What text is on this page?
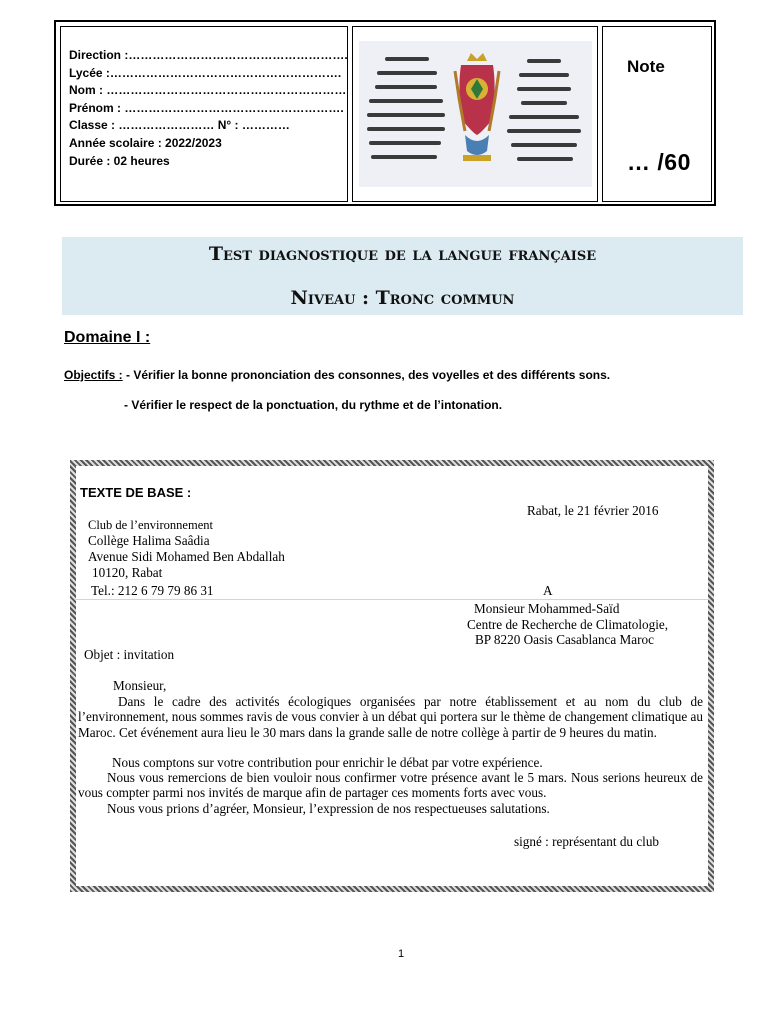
Direction :……………………………………………….
Lycée :………………………………………………….
Nom : ……………………………………………………
Prénom : ……………………………………………….
Classe : …………………… N° : …………
Année scolaire : 2022/2023
Durée : 02 heures
Note
… /60
Test diagnostique de la langue française
Niveau : Tronc commun
Domaine I :
Objectifs : - Vérifier la bonne prononciation des consonnes, des voyelles et des différents sons.
- Vérifier le respect de la ponctuation, du rythme et de l’intonation.
TEXTE DE BASE :
Rabat, le 21 février 2016
Club de l’environnement
Collège Halima Saâdia
Avenue Sidi Mohamed Ben Abdallah
10120, Rabat
Tel.: 212 6 79 79 86 31	A
Monsieur Mohammed-Saïd
Centre de Recherche de Climatologie,
BP 8220 Oasis Casablanca Maroc
Objet : invitation
Monsieur,
Dans le cadre des activités écologiques organisées par notre établissement et au nom du club de l’environnement, nous sommes ravis de vous convier à un débat qui portera sur le thème de changement climatique au Maroc. Cet événement aura lieu le 30 mars dans la grande salle de notre collège à partir de 9 heures du matin.
Nous comptons sur votre contribution pour enrichir le débat par votre expérience.
Nous vous remercions de bien vouloir nous confirmer votre présence avant le 5 mars. Nous serions heureux de vous compter parmi nos invités de marque afin de partager ces moments forts avec vous.
Nous vous prions d’agréer, Monsieur, l’expression de nos respectueuses salutations.
signé : représentant du club
1
